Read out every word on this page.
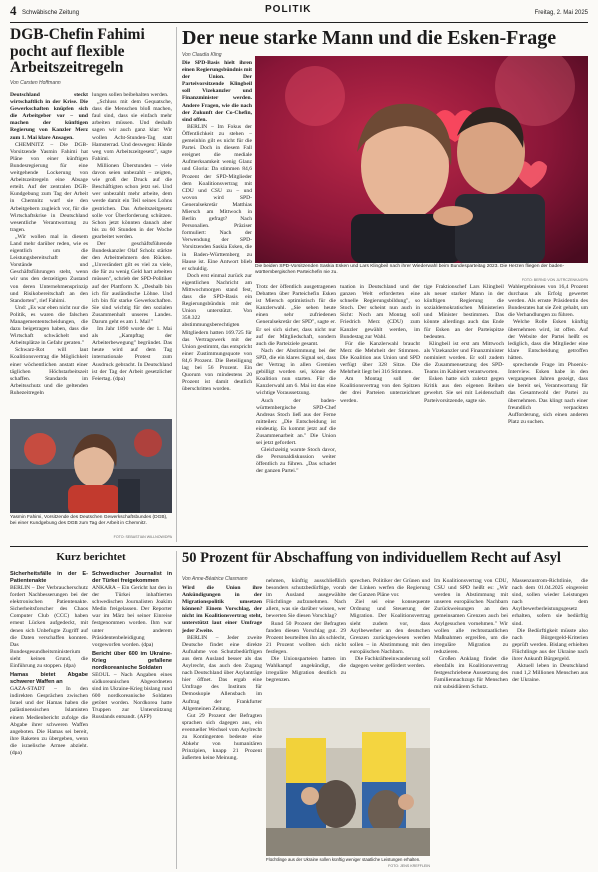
4 Schwäbische Zeitung	POLITIK	Freitag, 2. Mai 2025
DGB-Chefin Fahimi pocht auf flexible Arbeitszeitregeln
Von Carsten Hoffmann

Deutschland steckt wirtschaftlich in der Krise. Die Gewerkschaften knüpfen sich die Arbeitgeber vor – und machen der künftigen Regierung von Kanzler Merz zum 1. Mai klare Ansagen.

CHEMNITZ – Die DGB-Vorsitzende Yasmin Fahimi hat Pläne von einer künftigen Bundesregierung für eine weitgehende Lockerung von Arbeitszeitregeln eine Absage erteilt. Auf der zentralen DGB-Kundgebung zum Tag der Arbeit in Chemnitz warf sie den Arbeitgebern zugleich vor, für die Wirtschaftskrise in Deutschland wesentliche Verantwortung zu tragen.

„Wir wollen mal in diesem Land mehr darüber reden, wie es eigentlich um die Leistungsbereitschaft der Vorstände und Geschäftsführungen steht, wenn wir uns den derzeitigen Zustand von deren Unternehmensprinzip und Risikobereitschaft an den Standorten", rief Fahimi.

Und: „Es war eben nicht nur die Politik, es waren die falschen Managemententscheidungen, die dazu beigetragen haben, dass die Wirtschaft schwächelt und Arbeitsplätze in Gefahr geraten."

Schwarz-Rot will laut Koalitionsvertrag die Möglichkeit einer wöchentlichen anstatt einer täglichen Höchstarbeitszeit schaffen. Standards im Arbeitsschutz und die geltenden Ruhezeitregeln

lungen sollen beibehalten werden.

„Schluss mit dem Gequatsche, dass die Menschen bloß machen, faul sind, dass sie einfach mehr arbeiten müssen. Und deshalb sagen wir auch ganz klar: Wir wollen Acht-Stunden-Tag statt Hamsterrad. Und deswegen: Hände weg vom Arbeitszeitgesetz", sagte Fahimi.

Millionen Überstunden – viele davon seien unbezahlt – zeigten, wie groß der Druck auf die Beschäftigten schon jetzt sei. Und wer unbezahlt mehr arbeite, dem werde damit ein Teil seines Lohns gestrichen. Das Arbeitszeitgesetz solle vor Überforderung schützen. Schon jetzt könnten danach aber bis zu 60 Stunden in der Woche gearbeitet werden.

Der geschäftsführende Bundeskanzler Olaf Scholz stärkte den Arbeitnehmern den Rücken. „Unverändert gilt es viel zu viele, die für zu wenig Geld hart arbeiten müssen", schrieb der SPD-Politiker auf der Plattform X. „Deshalb bin ich für ausländische Löhne. Und ich bin für starke Gewerkschaften. Sie sind wichtig für den sozialen Zusammenhalt unseres Landes. Darum geht es am 1. Mai!"

Im Jahr 1890 wurde der 1. Mai als „Kampftag der Arbeiterbewegung" begründet. Das heute wird auf dem Tag internationale Protest zum Ausdruck gebracht. In Deutschland ist der Tag der Arbeit gesetzlicher Feiertag. (dpa)

Yasmin Fahimi, Vorsitzende des Deutschen Gewerkschaftsbundes (DGB), bei einer Kundgebung des DGB zum Tag der Arbeit in Chemnitz.
FOTO: SEBASTIAN WILLNOW/DPA
Der neue starke Mann und die Esken-Frage
Von Claudia Kling
Die beiden SPD-Vorsitzenden Saskia Esken und Lars Klingbeil nach ihrer Wiederwahl beim Bundesparteitag 2023. Die Herzen fliegen der baden-württembergischen Parteichefin nie zu.
FOTO: BERND VON JUTRCZENKA/DPA

Die SPD-Basis hielt ihren einen Regierungsbündnis mit der Union. Der Parteivorsitzende Klingbeil soll Vizekanzler und Finanzminister werden. Andere Fragen, wie die nach der Zukunft der Co-Chefin, sind offen.

BERLIN – Im Fokus der Öffentlichkeit zu stehen – gemeinhin gilt es nicht für die Partei. Doch in diesem Fall ereignet die mediale Aufmerksamkeit wenig Glanz und Gloria: Da stimmen 84,6 Prozent der SPD-Mitglieder dem Koalitionsvertrag mit CDU und CSU zu – und wovon wird SPD-Generalsekretär Matthias Miersch am Mittwoch in Berlin gefragt? Nach Personalien. Präziser formuliert: Nach der Verwendung der SPD-Vorsitzenden Saskia Esken, die in Baden-Württemberg zu Hause ist. Eine Antwort blieb er schuldig.

Doch erst einmal zurück zur eigentlichen Nachricht am Mittwochmorgen stand fest, dass die SPD-Basis ein Regierungsbündnis mit der Union unterstützt. Von 358.322 abstimmungsberechtigten Mitgliedern hatten 169.725 für das Vertragswerk mit der Union gestimmt, das entspricht einer Zustimmungsquote von 84,6 Prozent. Die Beteiligung lag bei 56 Prozent. Ein Quorum von mindestens 20 Prozent ist damit deutlich überschritten worden.

Trotz der öffentlich ausgetragenen Debatten über Parteichefin Esken ist Miersch optimistisch für die Kanzlerwahl. „Sie sehen heute einen sehr zufriedenen Generalsekretär der SPD", sagte er. Er sei sich sicher, dass nicht nur auf der Mitgliedschaft, sondern auch die Parteiziele gesamt.

Nach der Abstimmung bei der SPD, die ein klares Signal sei, dass der Vertrag in allen Gremien gebilligt worden sei, könne die Koalition nun starten. Für die Kanzlerwahl am 6. Mai ist das eine wichtige Voraussetzung.

Auch der baden-württembergische SPD-Chef Andreas Stoch ließ aus der Ferne mitteilen: „Die Entscheidung ist eindeutig. Es kommt jetzt auf die Zusammenarbeit an." Die Union sei jetzt gefordert.

Gleichzeitig warnte Stoch davor, die Personaldiskussion weiter öffentlich zu führen. „Das schadet der ganzen Partei."

tuation in Deutschland und der ganzen Welt erforderten eine schnelle Regierungsbildung", so Stoch. Der scheint nun auch in Sicht: Noch am Montag soll Friedrich Merz (CDU) zum Kanzler gewählt werden, im Bundestag zur Wahl.

Für die Kanzlerwahl braucht Merz die Mehrheit der Stimmen. Die Koalition aus Union und SPD verfügt über 328 Sitze. Die Mehrheit liegt bei 316 Stimmen.

Am Montag soll der Koalitionsvertrag von den Spitzen der drei Parteien unterzeichnet werden.

tige Fraktionschef Lars Klingbeil als neuer starker Mann in der künftigen Regierung die sozialdemokratischen Ministerien und Minister bestimmen. Das könnte allerdings auch das Ende für Esken an der Parteispitze bedeuten.

Klingbeil ist erst am Mittwoch als Vizekanzler und Finanzminister nominiert worden. Er soll zudem die Zusammensetzung des SPD-Teams im Kabinett verantworten.

Esken hatte sich zuletzt gegen Kritik aus den eigenen Reihen gewehrt. Sie sei mit Leidenschaft Parteivorsitzende, sagte sie.

Wahlergebnisses von 16,4 Prozent durchaus als Erfolg gewertet werden. Als ernste Präsidentin des Bundesrates hat sie Zeit gehabt, um die Verhandlungen zu führen.

Welche Rolle Esken künftig übernehmen wird, ist offen. Auf der Website der Partei heißt es lediglich, dass die Mitglieder eine klare Entscheidung getroffen hätten.

sprechende Frage im Phoenix-Interview. Esken habe in den vergangenen Jahren gezeigt, dass sie bereit sei, Verantwortung für das Gesamtwohl der Partei zu übernehmen. Das klingt nach einer freundlich verpackten Aufforderung, sich einen anderen Platz zu suchen.

Kurz berichtet
Sicherheitsfälle in der E-Patientenakte

BERLIN – Der Verbraucherschutz fordert Nachbesserungen bei der elektronischen Patientenakte. Sicherheitsforscher des Chaos Computer Club (CCC) haben erneut Lücken aufgedeckt, mit denen sich Unbefugte Zugriff auf die Daten verschaffen konnten. Das Bundesgesundheitsministerium sieht keinen Grund, die Einführung zu stoppen. (dpa)

Hamas bietet Abgabe schwerer Waffen an

GAZA-STADT – In den indirekten Gesprächen zwischen Israel und der Hamas haben die palästinensischen Islamisten einem Medienbericht zufolge die Abgabe ihrer schweren Waffen angeboten. Die Hamas sei bereit, ihre Raketen zu übergeben, wenn die israelische Armee abzieht. (dpa)

Schwedischer Journalist in der Türkei freigekommen

ANKARA – Ein Gericht hat den in der Türkei inhaftierten schwedischen Journalisten Joakim Medin freigelassen. Der Reporter war im März bei seiner Einreise festgenommen worden. Ihm war unter anderem Präsidentenbeleidigung vorgeworfen worden. (dpa)

Bericht über 600 im Ukraine-Krieg gefallene nordkoreanische Soldaten

SEOUL – Nach Angaben eines südkoreanischen Abgeordneten sind im Ukraine-Krieg bislang rund 600 nordkoreanische Soldaten getötet worden. Nordkorea hatte Truppen zur Unterstützung Russlands entsandt. (AFP)

50 Prozent für Abschaffung von individuellem Recht auf Asyl
Von Anne-Béatrice Clasmann

Wird die Union ihre Ankündigungen in der Migrationspolitik umsetzen können? Einem Vorschlag, der nicht im Koalitionsvertrag steht, unterstützt laut einer Umfrage jeder Zweite.

BERLIN – Jeder zweite Deutsche findet eine direkte Aufnahme von Schutzbedürftigen aus dem Ausland besser als das Asylrecht, das auch den Zugang nach Deutschland über Asylanträge hier öffnet. Das ergab eine Umfrage des Instituts für Demoskopie Allensbach im Auftrag der Frankfurter Allgemeinen Zeitung.

Gut 29 Prozent der Befragten sprachen sich dagegen aus, ein eventueller Wechsel vom Asylrecht zu Kontingenten bedeute eine Abkehr von humanitären Prinzipien, knapp 21 Prozent äußerten keine Meinung.

nehmen, künftig ausschließlich besonders schutzbedürftige, vorab im Ausland ausgewählte Flüchtlinge aufzunehmen. Nach allem, was sie darüber wissen, wer bewerten Sie diesen Vorschlag?

Rund 50 Prozent der Befragten fanden diesen Vorschlag gut. 29 Prozent beurteilten ihn als schlecht, 21 Prozent wollten sich nicht festlegen.

Die Unionsparteien hatten im Wahlkampf angekündigt, die irreguläre Migration deutlich zu begrenzen.

sprechen. Politiker der Grünen und der Linken werfen die Regierung der Ganzen Pläne vor.

Ziel sei eine konsequente Ordnung und Steuerung der Migration. Der Koalitionsvertrag sieht zudem vor, dass Asylbewerber an den deutschen Grenzen zurückgewiesen werden sollen – in Abstimmung mit den europäischen Nachbarn.

Die Fachkräfteeinwanderung soll dagegen weiter gefördert werden.

Flüchtlinge aus der Ukraine sollen künftig weniger staatliche Leistungen erhalten.
FOTO: JENS KREFFLEIN

Im Koalitionsvertrag von CDU, CSU und SPD heißt es: „Wir werden in Abstimmung mit unseren europäischen Nachbarn Zurückweisungen an den gemeinsamen Grenzen auch bei Asylgesuchen vornehmen." Wir wollen alle rechtsstaatlichen Maßnahmen ergreifen, um die irreguläre Migration zu reduzieren.

Großen Anklang findet die ebenfalls im Koalitionsvertrag festgeschriebene Aussetzung des Familiennachzugs für Menschen mit subsidiärem Schutz.

Massenzustrom-Richtlinie, die nach dem 01.04.2025 eingereist sind, sollen wieder Leistungen nach dem Asylbewerberleistungsgesetz erhalten, sofern sie bedürftig sind.

Die Bedürftigkeit müsste also nach Bürgergeld-Kriterien geprüft werden. Bislang erhielten Flüchtlinge aus der Ukraine nach ihrer Ankunft Bürgergeld.

Aktuell leben in Deutschland rund 1,2 Millionen Menschen aus der Ukraine.
